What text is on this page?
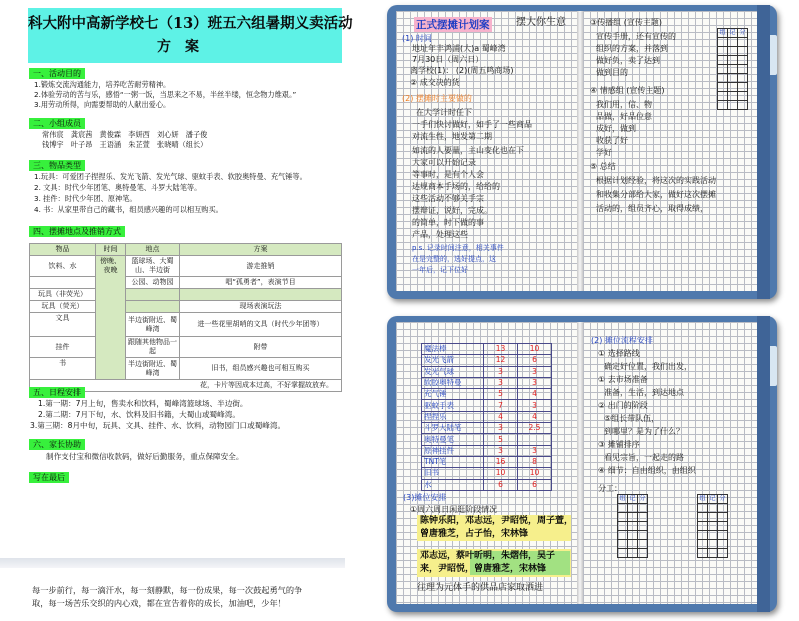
科大附中高新学校七（13）班五六组暑期义卖活动
方案
一、活动目的
1.锻炼交流沟通能力，培养吃苦耐劳精神。
2.体验劳动的苦与乐，感悟“一粥一饭，当思来之不易，半丝半缕，恒念物力维艰。”
3.用劳动所得，向需要帮助的人献出爱心。
二、小组成员
常伟宸　龚宸茜　黄俊霖　李妍西　刘心妍　潘子俊
钱博宇　叶子昂　王语涵　朱芷萱　张晓晴（组长）
三、物品类型
1.玩具：可爱团子捏捏乐、发光飞箭、发光气球、驱蚊手表、软胶奥特曼、充气锤等。
2. 文具：时代少年团笔、奥特曼笔、斗罗大陆笔等。
3. 挂件：时代少年团、原神笔。
4. 书：从家里带自己的藏书，组员感兴趣的可以相互购买。
四、摆摊地点及推销方式
物品	时间	地点	方案
饮料、水	傍晚、夜晚	篮球场、大蜀山、半边街	游走推销
		公园、动物园	唱“孤勇者”，表演节目
玩具（非荧光）			
玩具（荧光）			现场表演玩法
文具		半边街附近、蜀峰湾	进一些花里胡哨的文具（时代少年团等）
挂件		跟随其他物品一起	附带
书		半边街附近、蜀峰湾	旧书，组员感兴趣也可相互购买
花，卡片等因成本过高，不好掌握故放弃。			
五、日程安排
1.第一期：7月上旬，售卖水和饮料，蜀峰湾篮球场、半边街。
2.第二期：7月下旬，水、饮料及旧书籍，大蜀山或蜀峰湾。
3.第三期：8月中旬，玩具、文具、挂件、水、饮料，动物园门口或蜀峰湾。
六、家长协助
制作支付宝和微信收款码，做好后勤服务，重点保障安全。
写在最后
每一步前行，每一滴汗水，每一刻静默，每一份成果，每一次鼓起勇气的争
取，每一场苦乐交织的内心戏，都在宣告着你的成长，加油吧，少年！
正式摆摊计划案	摆大你生意
(1) 时间
地址年丰鸿浦(大)a 蜀峰湾
7月30日（周六日）
离学校(1)： (2)(周五鸣商场)
② 成交决的货
(2) 摆摊时主要做的
在大学计时任下
一手们快讨做好，如手了一些商品
对流生性，地发第二期
如流的人要量，主山变化也在下
大家可以开始记录
等事时，是有个人会
达规商本手场的，给给的
这些活动不够关手宗
摆辩证，说好，完成。
的简单，时下做的事
产品，处理这些
p.s. 记录时间注意，相关事件
在是完整的，选好提点，这
一年后，记下位好
③传播组 (宣传主题)
宣传手册，还有宣传的
组织的方案，并落到
做好负，卖了达到
做到目的
④ 情感组 (宣传主题)
我们用，信、物
品做，好品位意
成好，做到
收获了好
学好
⑤ 总结
根据计划经验，将这次的实践活动
和收集分部给大家，做好这次摆摊
活动的，组员齐心，取得成绩，
组	记	分

魔法棒	13	10
发光飞箭	12	6
发光气球	3	3
软胶奥特曼	3	3
充气锤	5	4
驱蚊手表	7	3
捏捏乐	4	4
斗罗大陆笔	3	2.5
奥特曼笔	5	
原神挂件	3	3
TNT笔	16	8
旧书	10	10
水	6	6
(3)摊位安排
①周六周日闲逛阶段情况
陈钟乐阳，邓志远，尹昭悦，周子萱，
曾唐雅芝，占子怡，宋林锋
邓志远，蔡叶昕明，朱熠伟，吴子
来，尹昭悦，曾唐雅芝，宋林锋
往理为元体手的供品店家取洒进
(2) 摊位流程安排
① 选择路线
确定好位置，我们出发，
① 去市场准备
准备，生活，到达地点
② 出门的阶段
⑤组长带队伍，
到哪里？是为了什么？
③ 摊铺排序
看见宗旨，一起走的路
④ 细节：自由组织，由组织
分工：
组	记	分

			组	记	分
